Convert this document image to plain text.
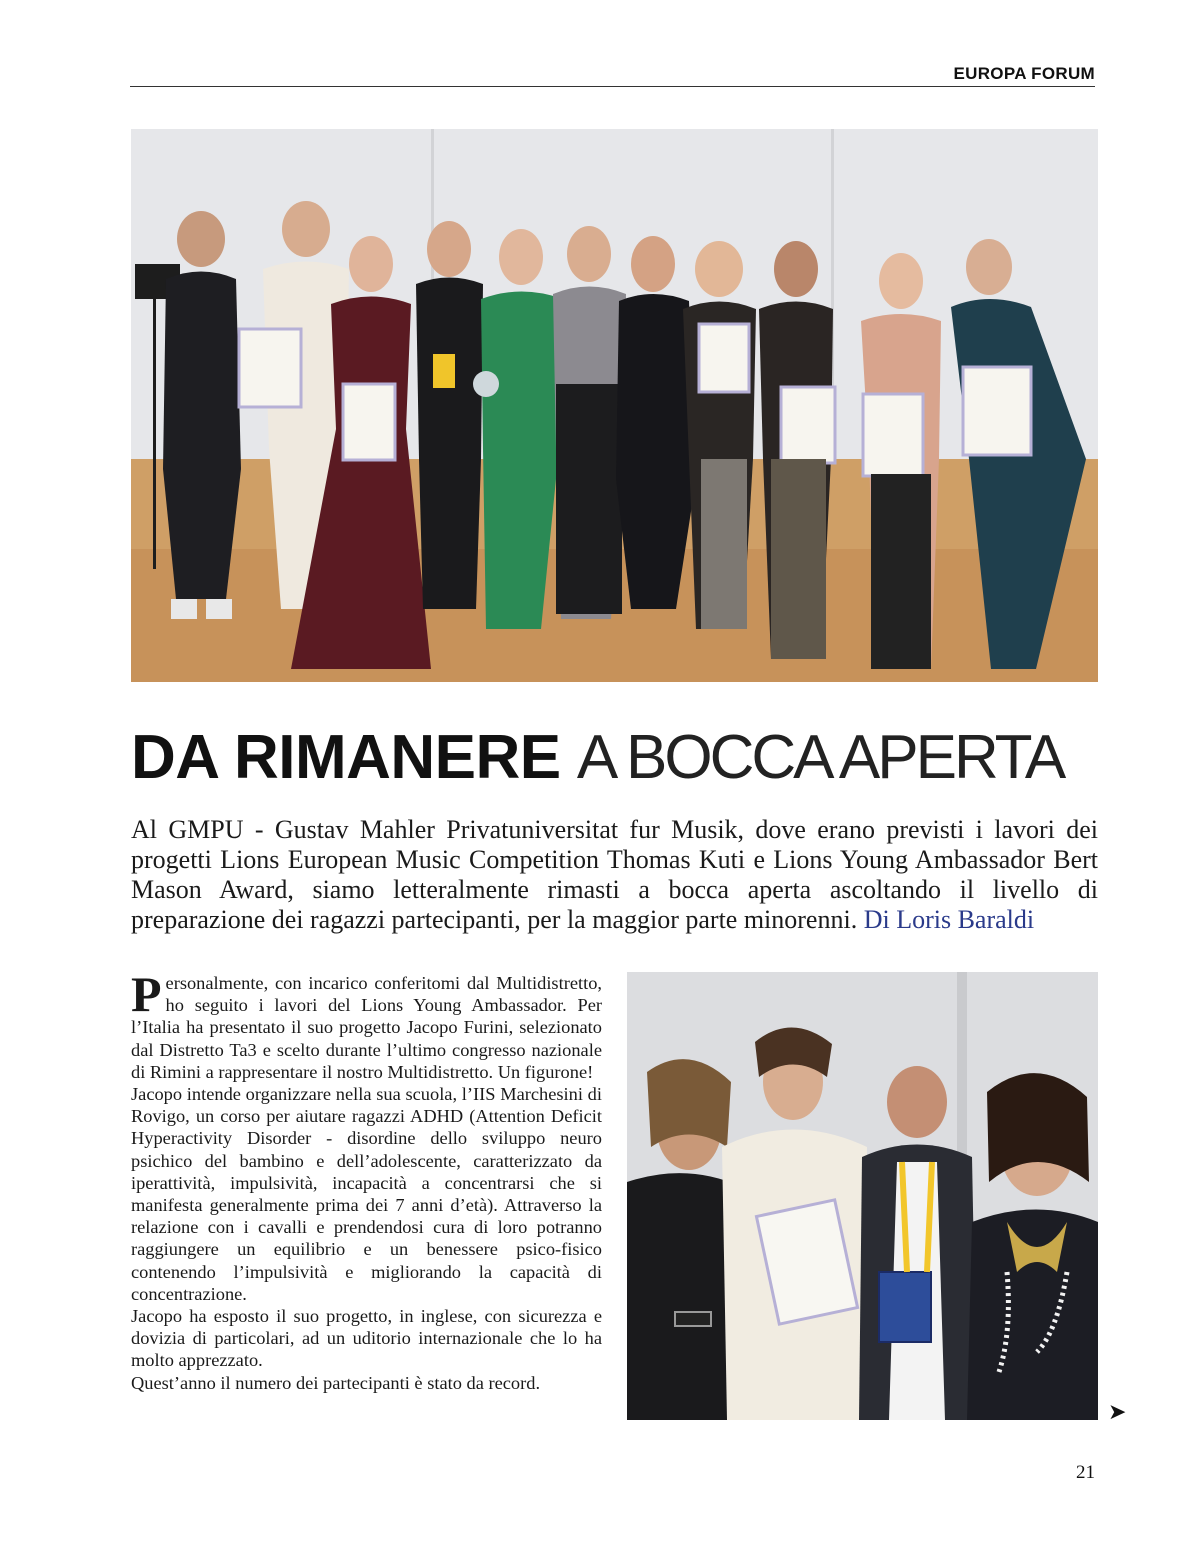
EUROPA FORUM
DA RIMANERE A BOCCA APERTA
Al GMPU - Gustav Mahler Privatuniversitat fur Musik, dove erano previsti i lavori dei progetti Lions European Music Competition Thomas Kuti e Lions Young Ambassador Bert Mason Award, siamo letteralmente rimasti a bocca aperta ascoltando il livello di preparazione dei ragazzi partecipanti, per la maggior parte minorenni. Di Loris Baraldi

Personalmente, con incarico conferitomi dal Multidistretto, ho seguito i lavori del Lions Young Ambassador. Per l’Italia ha presentato il suo progetto Jacopo Furini, selezionato dal Distretto Ta3 e scelto durante l’ultimo congresso nazionale di Rimini a rappresentare il nostro Multidistretto. Un figurone!

Jacopo intende organizzare nella sua scuola, l’IIS Marchesini di Rovigo, un corso per aiutare ragazzi ADHD (Attention Deficit Hyperactivity Disorder - disordine dello sviluppo neuro psichico del bambino e dell’adolescente, caratterizzato da iperattività, impulsività, incapacità a concentrarsi che si manifesta generalmente prima dei 7 anni d’età). Attraverso la relazione con i cavalli e prendendosi cura di loro potranno raggiungere un equilibrio e un benessere psico-fisico contenendo l’impulsività e migliorando la capacità di concentrazione.

Jacopo ha esposto il suo progetto, in inglese, con sicurezza e dovizia di particolari, ad un uditorio internazionale che lo ha molto apprezzato.

Quest’anno il numero dei partecipanti è stato da record.

➤
21
